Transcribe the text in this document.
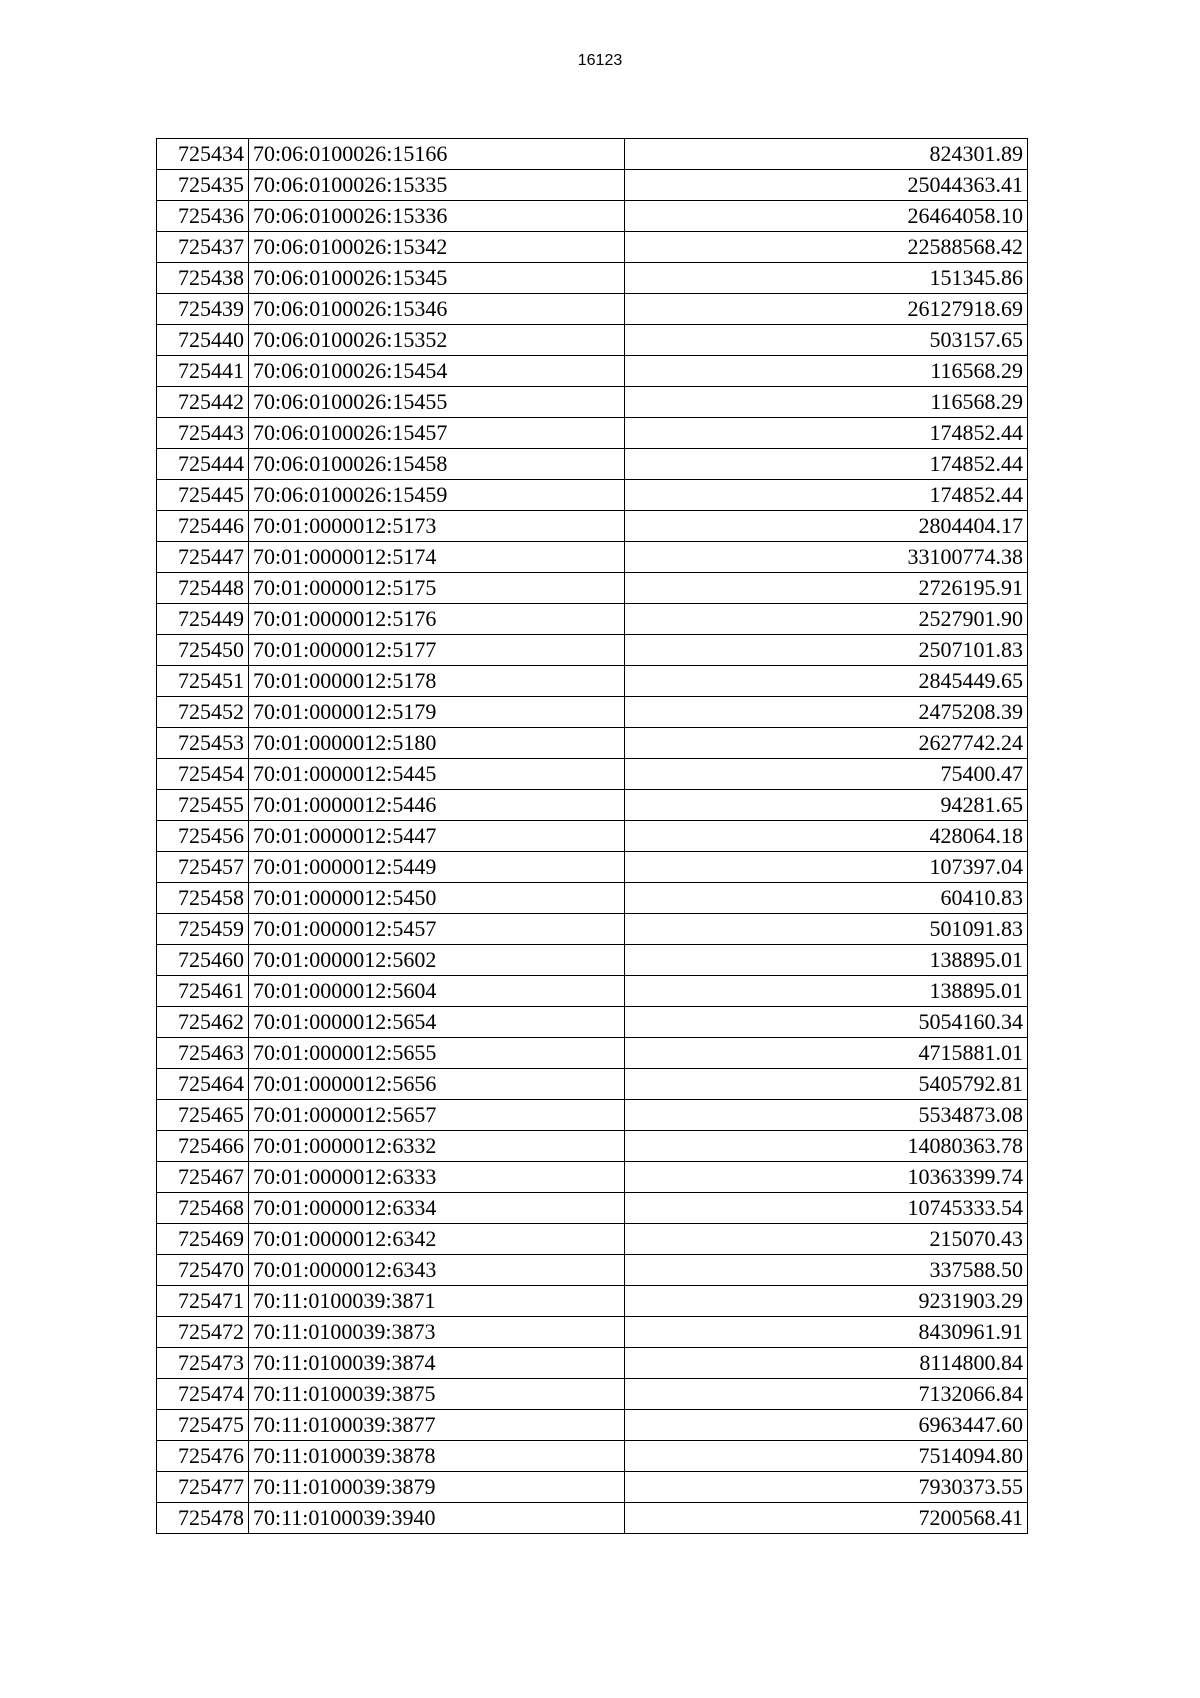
16123
725434	70:06:0100026:15166	824301.89
725435	70:06:0100026:15335	25044363.41
725436	70:06:0100026:15336	26464058.10
725437	70:06:0100026:15342	22588568.42
725438	70:06:0100026:15345	151345.86
725439	70:06:0100026:15346	26127918.69
725440	70:06:0100026:15352	503157.65
725441	70:06:0100026:15454	116568.29
725442	70:06:0100026:15455	116568.29
725443	70:06:0100026:15457	174852.44
725444	70:06:0100026:15458	174852.44
725445	70:06:0100026:15459	174852.44
725446	70:01:0000012:5173	2804404.17
725447	70:01:0000012:5174	33100774.38
725448	70:01:0000012:5175	2726195.91
725449	70:01:0000012:5176	2527901.90
725450	70:01:0000012:5177	2507101.83
725451	70:01:0000012:5178	2845449.65
725452	70:01:0000012:5179	2475208.39
725453	70:01:0000012:5180	2627742.24
725454	70:01:0000012:5445	75400.47
725455	70:01:0000012:5446	94281.65
725456	70:01:0000012:5447	428064.18
725457	70:01:0000012:5449	107397.04
725458	70:01:0000012:5450	60410.83
725459	70:01:0000012:5457	501091.83
725460	70:01:0000012:5602	138895.01
725461	70:01:0000012:5604	138895.01
725462	70:01:0000012:5654	5054160.34
725463	70:01:0000012:5655	4715881.01
725464	70:01:0000012:5656	5405792.81
725465	70:01:0000012:5657	5534873.08
725466	70:01:0000012:6332	14080363.78
725467	70:01:0000012:6333	10363399.74
725468	70:01:0000012:6334	10745333.54
725469	70:01:0000012:6342	215070.43
725470	70:01:0000012:6343	337588.50
725471	70:11:0100039:3871	9231903.29
725472	70:11:0100039:3873	8430961.91
725473	70:11:0100039:3874	8114800.84
725474	70:11:0100039:3875	7132066.84
725475	70:11:0100039:3877	6963447.60
725476	70:11:0100039:3878	7514094.80
725477	70:11:0100039:3879	7930373.55
725478	70:11:0100039:3940	7200568.41
